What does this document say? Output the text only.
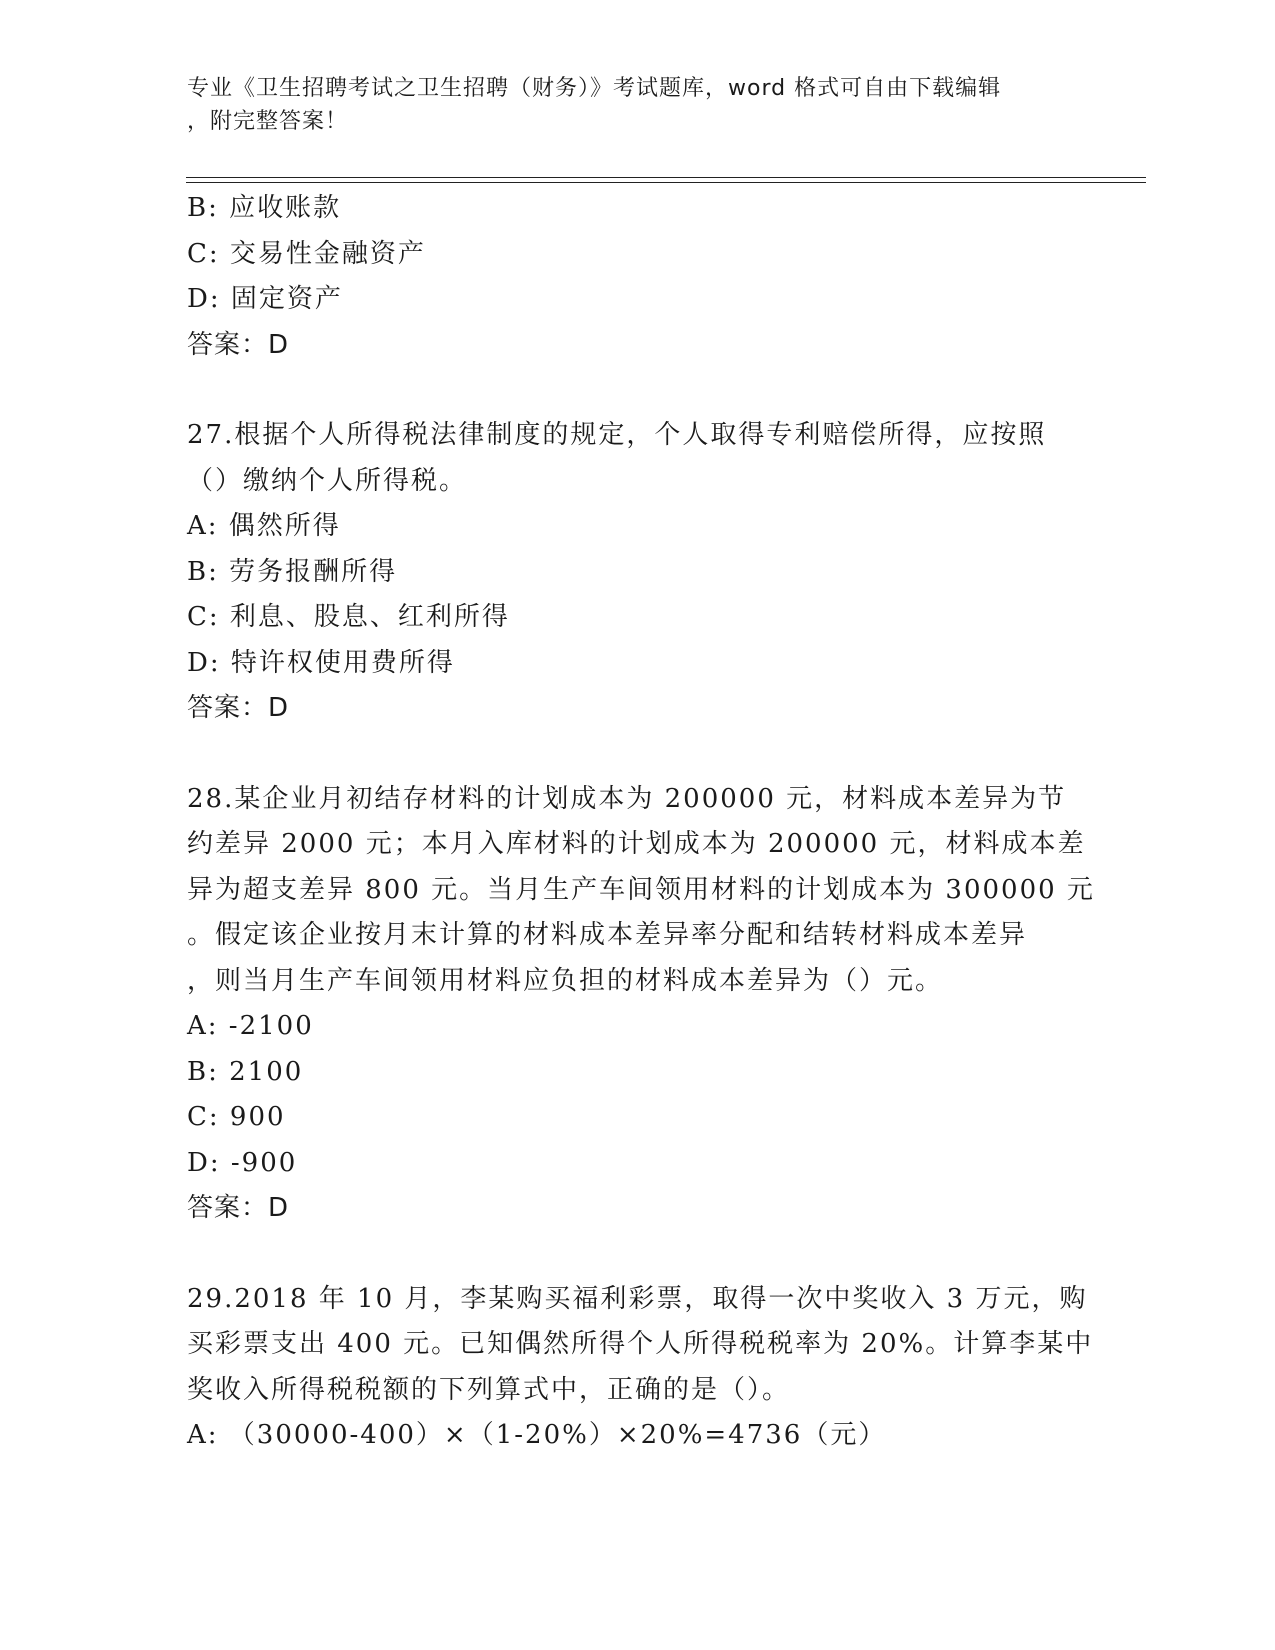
专业《卫生招聘考试之卫生招聘（财务）》考试题库，word 格式可自由下载编辑
，附完整答案！
B: 应收账款
C: 交易性金融资产
D: 固定资产
答案：D
27.根据个人所得税法律制度的规定，个人取得专利赔偿所得，应按照
（）缴纳个人所得税。
A: 偶然所得
B: 劳务报酬所得
C: 利息、股息、红利所得
D: 特许权使用费所得
答案：D
28.某企业月初结存材料的计划成本为 200000 元，材料成本差异为节
约差异 2000 元；本月入库材料的计划成本为 200000 元，材料成本差
异为超支差异 800 元。当月生产车间领用材料的计划成本为 300000 元
。假定该企业按月末计算的材料成本差异率分配和结转材料成本差异
，则当月生产车间领用材料应负担的材料成本差异为（）元。
A: -2100
B: 2100
C: 900
D: -900
答案：D
29.2018 年 10 月，李某购买福利彩票，取得一次中奖收入 3 万元，购
买彩票支出 400 元。已知偶然所得个人所得税税率为 20%。计算李某中
奖收入所得税税额的下列算式中，正确的是（）。
A: （30000-400）×（1-20%）×20%=4736（元）
